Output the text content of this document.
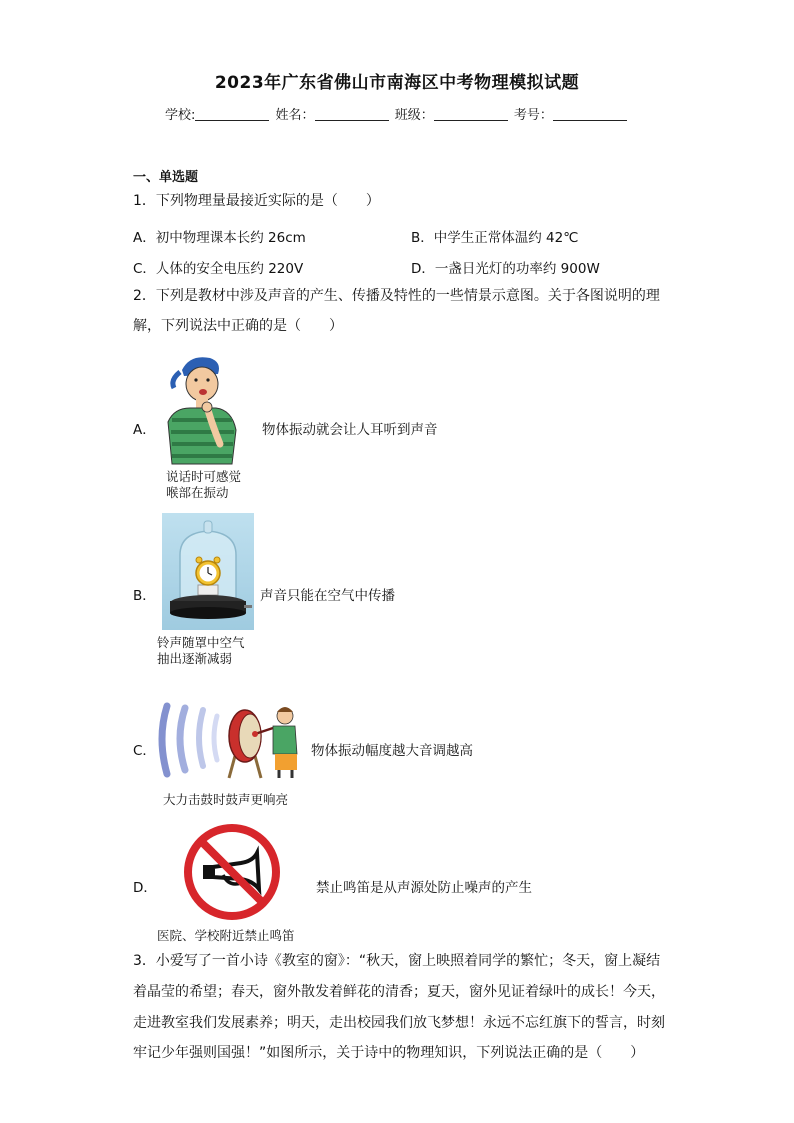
2023年广东省佛山市南海区中考物理模拟试题
学校:	姓名：	班级：	考号：
一、单选题
1．下列物理量最接近实际的是（　　）
A．初中物理课本长约 26cm	B．中学生正常体温约 42℃
C．人体的安全电压约 220V	D．一盏日光灯的功率约 900W
2．下列是教材中涉及声音的产生、传播及特性的一些情景示意图。关于各图说明的理
解，下列说法中正确的是（　　）
A．	物体振动就会让人耳听到声音
说话时可感觉
喉部在振动
B．	声音只能在空气中传播
铃声随罩中空气
抽出逐渐减弱
C．	物体振动幅度越大音调越高
大力击鼓时鼓声更响亮
D．	禁止鸣笛是从声源处防止噪声的产生
医院、学校附近禁止鸣笛
3．小爱写了一首小诗《教室的窗》：“秋天，窗上映照着同学的繁忙；冬天，窗上凝结
着晶莹的希望；春天，窗外散发着鲜花的清香；夏天，窗外见证着绿叶的成长！今天，
走进教室我们发展素养；明天，走出校园我们放飞梦想！永远不忘红旗下的誓言，时刻
牢记少年强则国强！”如图所示，关于诗中的物理知识，下列说法正确的是（　　）
